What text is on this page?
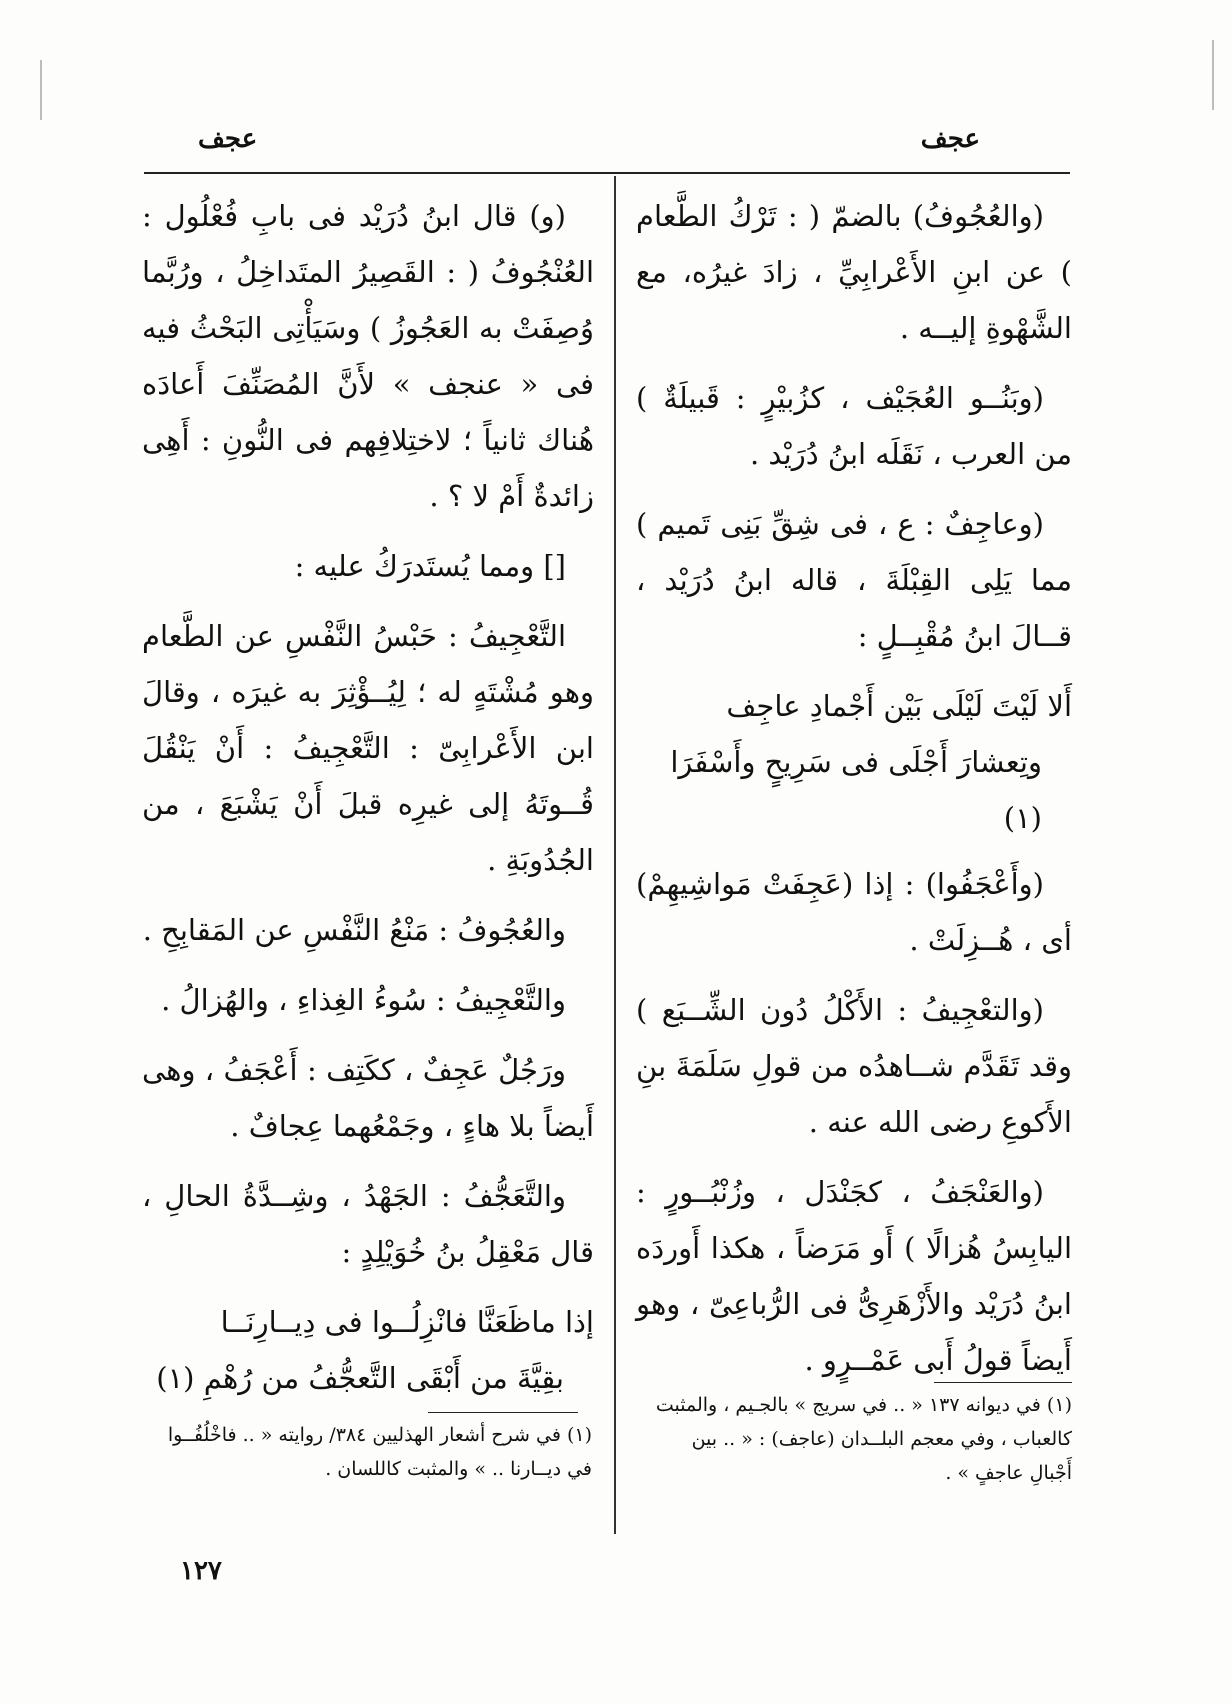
عجف
عجف

(والعُجُوفُ) بالضمّ ( : تَرْكُ الطَّعام ) عن ابنِ الأَعْرابِيِّ ، زادَ غيرُه، مع الشَّهْوةِ إليــه .

(وبَنُــو العُجَيْف ، كزُبيْرٍ : قَبيلَةٌ ) من العرب ، نَقَلَه ابنُ دُرَيْد .

(وعاجِفٌ : ع ، فى شِقِّ بَنِى تَميم ) مما يَلِى القِبْلَةَ ، قاله ابنُ دُرَيْد ، قــالَ ابنُ مُقْبِــلٍ :

أَلا لَيْتَ لَيْلَى بَيْن أَجْمادِ عاجِف
وتِعشارَ أَجْلَى فى سَرِيحٍ وأَسْفَرَا (١)

(وأَعْجَفُوا) : إذا (عَجِفَتْ مَواشِيهِمْ) أى ، هُــزِلَتْ .

(والتعْجِيفُ : الأَكْلُ دُون الشِّــبَع ) وقد تَقَدَّم شــاهدُه من قولِ سَلَمَةَ بنِ الأَكوعِ رضى الله عنه .

(والعَنْجَفُ ، كجَنْدَل ، وزُنْبُــورٍ : اليابِسُ هُزالًا ) أَو مَرَضاً ، هكذا أَوردَه ابنُ دُرَيْد والأَزْهَرِىُّ فى الرُّباعِىّ ، وهو أَيضاً قولُ أَبى عَمْــرٍو .

(و) قال ابنُ دُرَيْد فى بابِ فُعْلُول : العُنْجُوفُ ( : القَصِيرُ المتَداخِلُ ، ورُبَّما وُصِفَتْ به العَجُوزُ ) وسَيَأْتِى البَحْثُ فيه فى « عنجف » لأَنَّ المُصَنِّفَ أَعادَه هُناك ثانياً ؛ لاختِلافِهم فى النُّونِ : أَهِى زائدةٌ أَمْ لا ؟ .

[] ومما يُستَدرَكُ عليه :

التَّعْجِيفُ : حَبْسُ النَّفْسِ عن الطَّعام وهو مُشْتَهٍ له ؛ لِيُــؤْثِرَ به غيرَه ، وقالَ ابن الأَعْرابِىّ : التَّعْجِيفُ : أَنْ يَنْقُلَ قُــوتَهُ إلى غيرِه قبلَ أَنْ يَشْبَعَ ، من الجُدُوبَةِ .

والعُجُوفُ : مَنْعُ النَّفْسِ عن المَقابِحِ .

والتَّعْجِيفُ : سُوءُ الغِذاءِ ، والهُزالُ .

ورَجُلٌ عَجِفٌ ، ككَتِف : أَعْجَفُ ، وهى أَيضاً بلا هاءٍ ، وجَمْعُهما عِجافٌ .

والتَّعَجُّفُ : الجَهْدُ ، وشِــدَّةُ الحالِ ، قال مَعْقِلُ بنُ خُوَيْلِدٍ :

إذا ماظَعَنَّا فانْزِلُــوا فى دِيــارِنَــا
بقِيَّةَ من أَبْقَى التَّعجُّفُ من رُهْمِ (١)
(١) في ديوانه ١٣٧ « .. في سريج » بالجـيم ، والمثبت كالعباب ، وفي معجم البلــدان (عاجف) : « .. بين أَجْبالِ عاجفٍ » .
(١) في شرح أشعار الهذليين ٣٨٤/ روايته « .. فاخْلُفُــوا في ديــارنا .. » والمثبت كاللسان .
١٢٧
